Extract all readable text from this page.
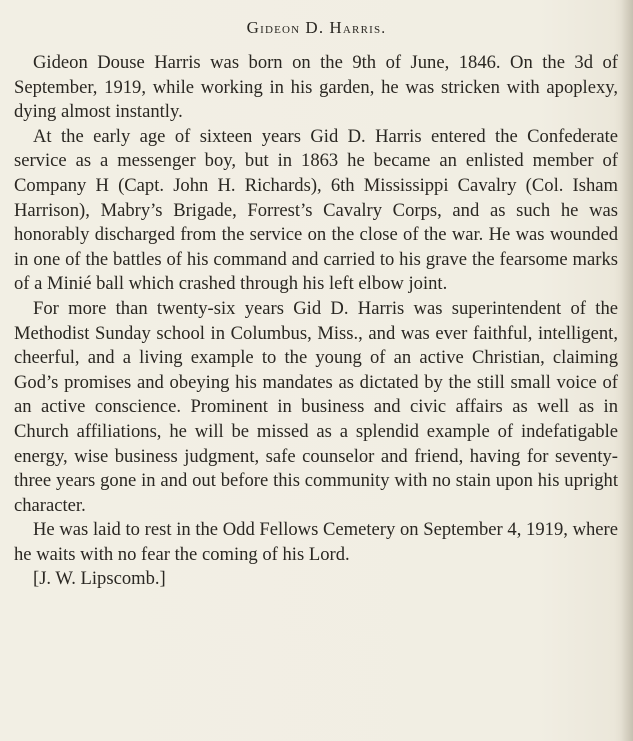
Gideon D. Harris.

Gideon Douse Harris was born on the 9th of June, 1846. On the 3d of September, 1919, while working in his garden, he was stricken with apoplexy, dying almost instantly.

At the early age of sixteen years Gid D. Harris entered the Confederate service as a messenger boy, but in 1863 he became an enlisted member of Company H (Capt. John H. Richards), 6th Mississippi Cavalry (Col. Isham Harrison), Mabry’s Brigade, Forrest’s Cavalry Corps, and as such he was honorably discharged from the service on the close of the war. He was wounded in one of the battles of his command and carried to his grave the fearsome marks of a Minié ball which crashed through his left elbow joint.

For more than twenty-six years Gid D. Harris was superintendent of the Methodist Sunday school in Columbus, Miss., and was ever faithful, intelligent, cheerful, and a living example to the young of an active Christian, claiming God’s promises and obeying his mandates as dictated by the still small voice of an active conscience. Prominent in business and civic affairs as well as in Church affiliations, he will be missed as a splendid example of indefatigable energy, wise business judgment, safe counselor and friend, having for seventy-three years gone in and out before this community with no stain upon his upright character.

He was laid to rest in the Odd Fellows Cemetery on September 4, 1919, where he waits with no fear the coming of his Lord.

[J. W. Lipscomb.]
